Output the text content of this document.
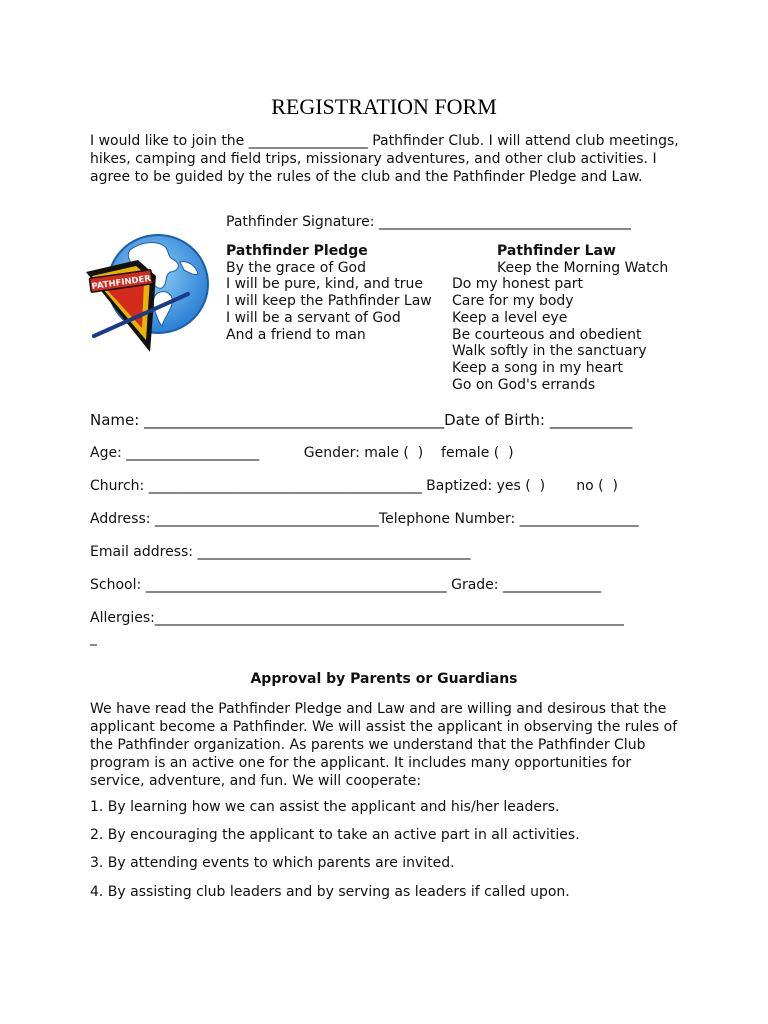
REGISTRATION FORM
I would like to join the _________________ Pathfinder Club. I will attend club meetings, hikes, camping and field trips, missionary adventures, and other club activities. I agree to be guided by the rules of the club and the Pathfinder Pledge and Law.
Pathfinder Signature: ____________________________________
PATHFINDER
Pathfinder Pledge
By the grace of God
I will be pure, kind, and true
I will keep the Pathfinder Law
I will be a servant of God
And a friend to man
Pathfinder Law
Keep the Morning Watch
Do my honest part
Care for my body
Keep a level eye
Be courteous and obedient
Walk softly in the sanctuary
Keep a song in my heart
Go on God's errands
Name: ________________________________________Date of Birth: ___________
Age: ___________________          Gender: male (  )    female (  )
Church: _______________________________________ Baptized: yes (  )       no (  )
Address: ________________________________Telephone Number: _________________
Email address: _______________________________________
School: ___________________________________________ Grade: ______________
Allergies:___________________________________________________________________
_
Approval by Parents or Guardians
We have read the Pathfinder Pledge and Law and are willing and desirous that the applicant become a Pathfinder. We will assist the applicant in observing the rules of the Pathfinder organization. As parents we understand that the Pathfinder Club program is an active one for the applicant. It includes many opportunities for service, adventure, and fun. We will cooperate:
1. By learning how we can assist the applicant and his/her leaders.
2. By encouraging the applicant to take an active part in all activities.
3. By attending events to which parents are invited.
4. By assisting club leaders and by serving as leaders if called upon.
